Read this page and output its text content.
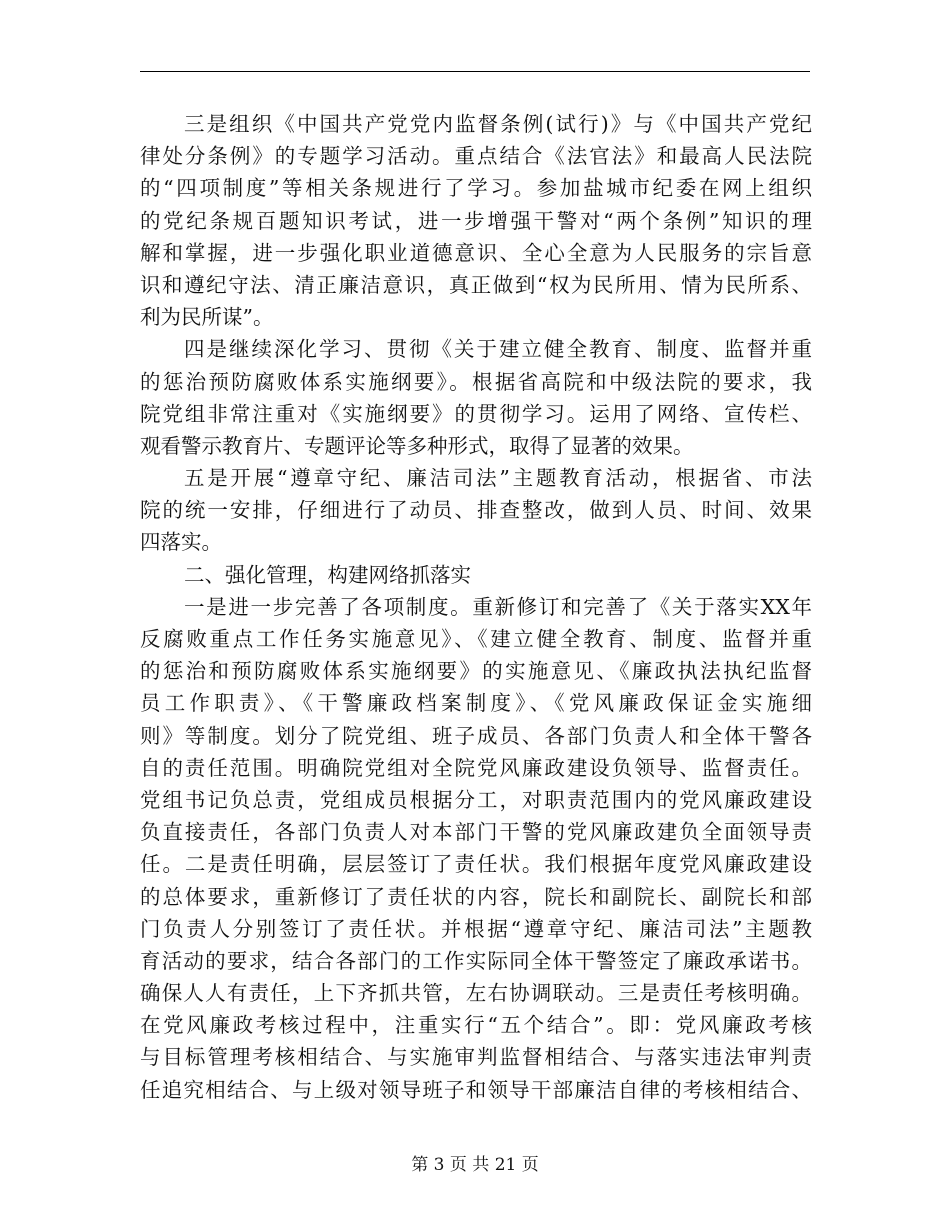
三是组织《中国共产党党内监督条例(试行)》与《中国共产党纪
律处分条例》的专题学习活动。重点结合《法官法》和最高人民法院
的“四项制度”等相关条规进行了学习。参加盐城市纪委在网上组织
的党纪条规百题知识考试，进一步增强干警对“两个条例”知识的理
解和掌握，进一步强化职业道德意识、全心全意为人民服务的宗旨意
识和遵纪守法、清正廉洁意识，真正做到“权为民所用、情为民所系、
利为民所谋”。
四是继续深化学习、贯彻《关于建立健全教育、制度、监督并重
的惩治预防腐败体系实施纲要》。根据省高院和中级法院的要求，我
院党组非常注重对《实施纲要》的贯彻学习。运用了网络、宣传栏、
观看警示教育片、专题评论等多种形式，取得了显著的效果。
五是开展“遵章守纪、廉洁司法”主题教育活动，根据省、市法
院的统一安排，仔细进行了动员、排查整改，做到人员、时间、效果
四落实。
二、强化管理，构建网络抓落实
一是进一步完善了各项制度。重新修订和完善了《关于落实XX年
反腐败重点工作任务实施意见》、《建立健全教育、制度、监督并重
的惩治和预防腐败体系实施纲要》的实施意见、《廉政执法执纪监督
员工作职责》、《干警廉政档案制度》、《党风廉政保证金实施细
则》等制度。划分了院党组、班子成员、各部门负责人和全体干警各
自的责任范围。明确院党组对全院党风廉政建设负领导、监督责任。
党组书记负总责，党组成员根据分工，对职责范围内的党风廉政建设
负直接责任，各部门负责人对本部门干警的党风廉政建负全面领导责
任。二是责任明确，层层签订了责任状。我们根据年度党风廉政建设
的总体要求，重新修订了责任状的内容，院长和副院长、副院长和部
门负责人分别签订了责任状。并根据“遵章守纪、廉洁司法”主题教
育活动的要求，结合各部门的工作实际同全体干警签定了廉政承诺书。
确保人人有责任，上下齐抓共管，左右协调联动。三是责任考核明确。
在党风廉政考核过程中，注重实行“五个结合”。即：党风廉政考核
与目标管理考核相结合、与实施审判监督相结合、与落实违法审判责
任追究相结合、与上级对领导班子和领导干部廉洁自律的考核相结合、
第 3 页 共 21 页
